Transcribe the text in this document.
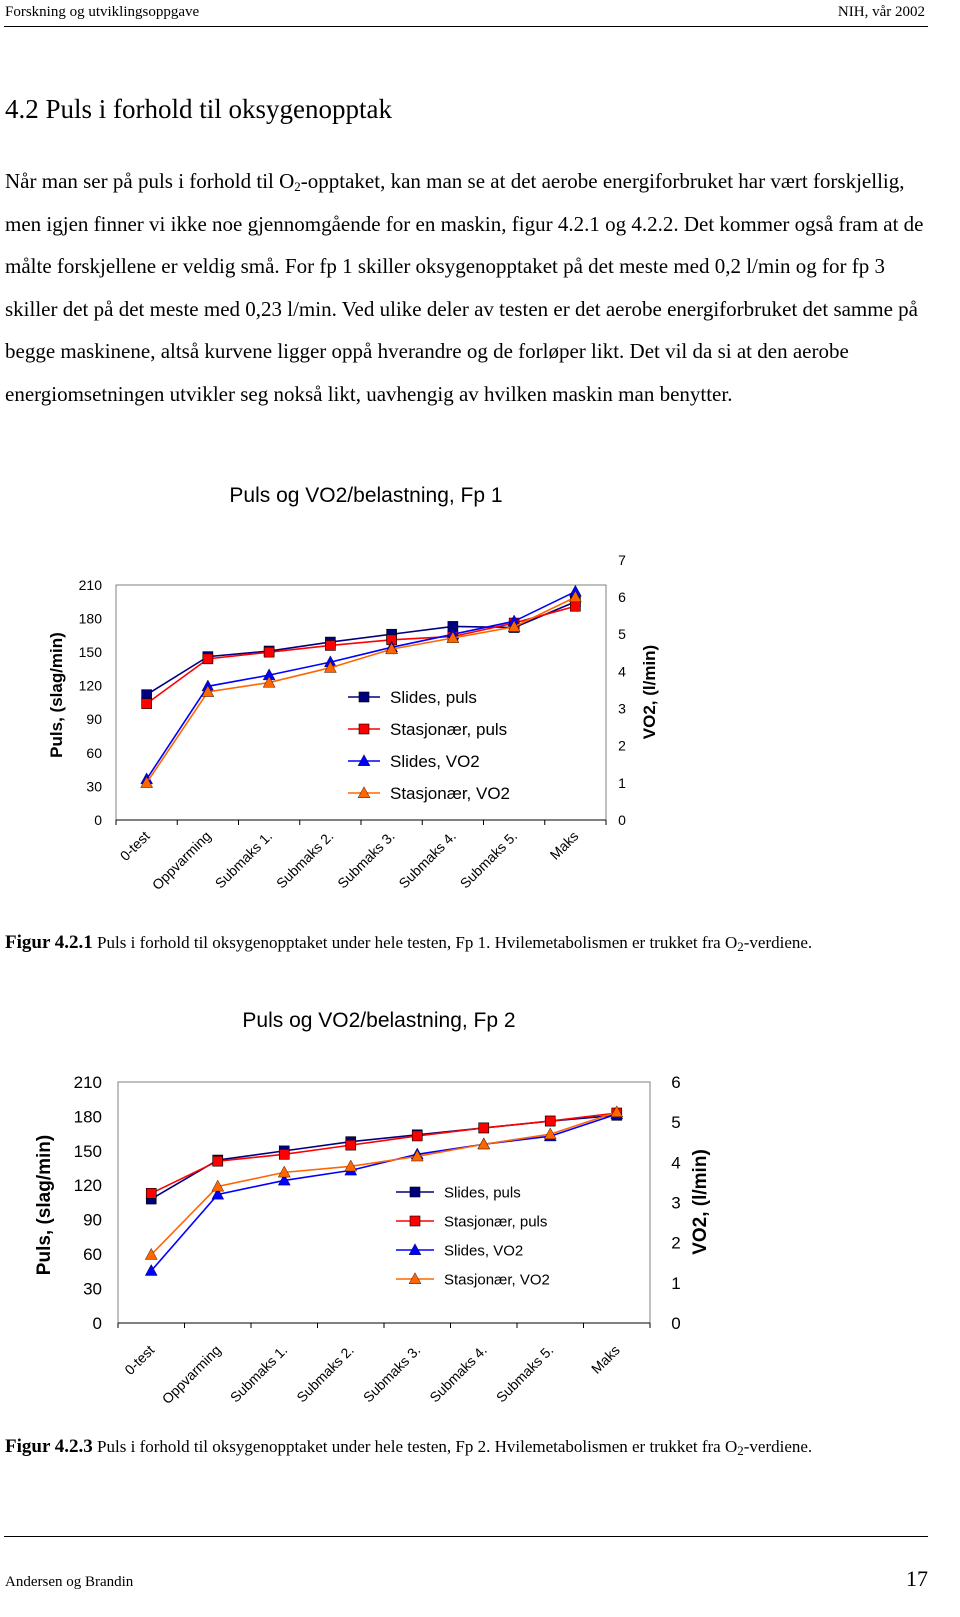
Forskning og utviklingsoppgave	NIH, vår 2002
4.2 Puls i forhold til oksygenopptak

Når man ser på puls i forhold til $O_2$-opptaket, kan man se at det aerobe energiforbruket har vært forskjellig, men igjen finner vi ikke noe gjennomgående for en maskin, figur 4.2.1 og 4.2.2. Det kommer også fram at de målte forskjellene er veldig små. For fp 1 skiller oksygenopptaket på det meste med 0,2 l/min og for fp 3 skiller det på det meste med 0,23 l/min. Ved ulike deler av testen er det aerobe energiforbruket det samme på begge maskinene, altså kurvene ligger oppå hverandre og de forløper likt. Det vil da si at den aerobe energiomsetningen utvikler seg nokså likt, uavhengig av hvilken maskin man benytter.

Puls og VO2/belastning, Fp 1
0
30
60
90
120
150
180
210
0
1
2
3
4
5
6
7
Puls, (slag/min)	VO2, (l/min)
0-test
Oppvarming
Submaks 1.
Submaks 2.
Submaks 3.
Submaks 4.
Submaks 5. Maks
Slides, puls
Stasjonær, puls
Slides, VO2
Stasjonær, VO2
Figur 4.2.1 Puls i forhold til oksygenopptaket under hele testen, Fp 1. Hvilemetabolismen er trukket fra $O_2$-verdiene.
Puls og VO2/belastning, Fp 2
0
30
60
90
120
150
180
210
0
1
2
3
4
5
6
Puls, (slag/min)	VO2, (l/min)
0-test Oppvarming Submaks 1. Submaks 2. Submaks 3. Submaks 4. Submaks 5. Maks
Slides, puls
Stasjonær, puls
Slides, VO2
Stasjonær, VO2
Figur 4.2.3 Puls i forhold til oksygenopptaket under hele testen, Fp 2. Hvilemetabolismen er trukket fra $O_2$-verdiene.
Andersen og Brandin	17
